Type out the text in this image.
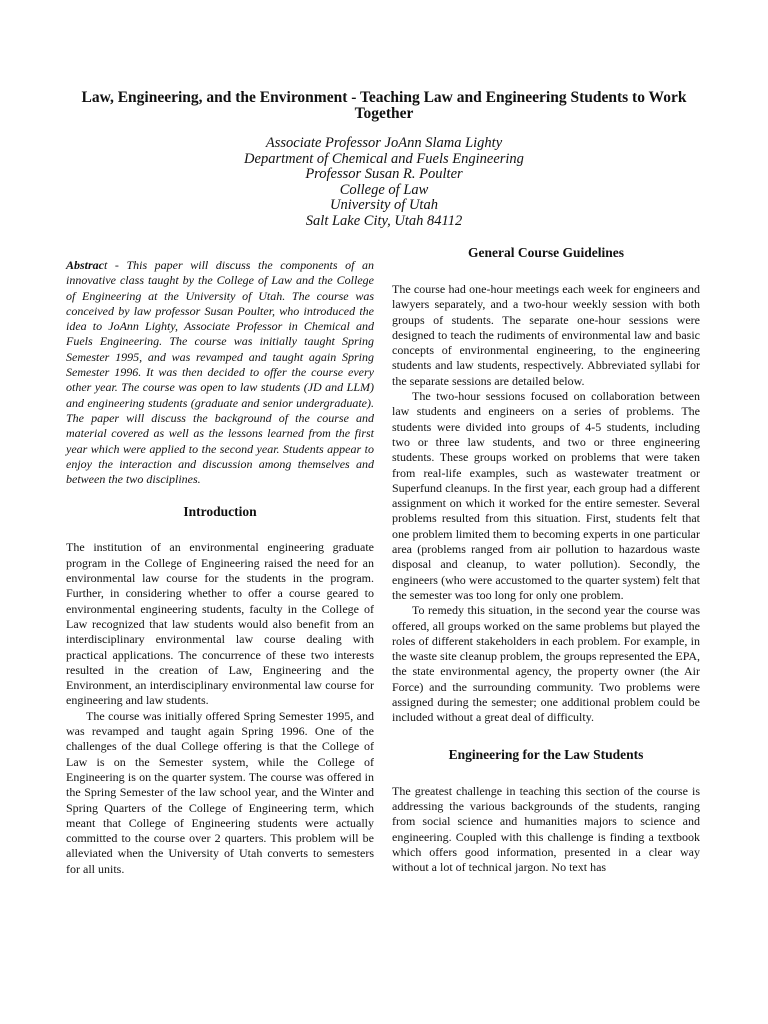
Law, Engineering, and the Environment - Teaching Law and Engineering Students to Work Together
Associate Professor JoAnn Slama Lighty
Department of Chemical and Fuels Engineering
Professor Susan R. Poulter
College of Law
University of Utah
Salt Lake City, Utah 84112

Abstract - This paper will discuss the components of an innovative class taught by the College of Law and the College of Engineering at the University of Utah. The course was conceived by law professor Susan Poulter, who introduced the idea to JoAnn Lighty, Associate Professor in Chemical and Fuels Engineering. The course was initially taught Spring Semester 1995, and was revamped and taught again Spring Semester 1996. It was then decided to offer the course every other year. The course was open to law students (JD and LLM) and engineering students (graduate and senior undergraduate). The paper will discuss the background of the course and material covered as well as the lessons learned from the first year which were applied to the second year. Students appear to enjoy the interaction and discussion among themselves and between the two disciplines.

Introduction

The institution of an environmental engineering graduate program in the College of Engineering raised the need for an environmental law course for the students in the program. Further, in considering whether to offer a course geared to environmental engineering students, faculty in the College of Law recognized that law students would also benefit from an interdisciplinary environmental law course dealing with practical applications. The concurrence of these two interests resulted in the creation of Law, Engineering and the Environment, an interdisciplinary environmental law course for engineering and law students.

The course was initially offered Spring Semester 1995, and was revamped and taught again Spring 1996. One of the challenges of the dual College offering is that the College of Law is on the Semester system, while the College of Engineering is on the quarter system. The course was offered in the Spring Semester of the law school year, and the Winter and Spring Quarters of the College of Engineering term, which meant that College of Engineering students were actually committed to the course over 2 quarters. This problem will be alleviated when the University of Utah converts to semesters for all units.

General Course Guidelines

The course had one-hour meetings each week for engineers and lawyers separately, and a two-hour weekly session with both groups of students. The separate one-hour sessions were designed to teach the rudiments of environmental law and basic concepts of environmental engineering, to the engineering students and law students, respectively. Abbreviated syllabi for the separate sessions are detailed below.

The two-hour sessions focused on collaboration between law students and engineers on a series of problems. The students were divided into groups of 4-5 students, including two or three law students, and two or three engineering students. These groups worked on problems that were taken from real-life examples, such as wastewater treatment or Superfund cleanups. In the first year, each group had a different assignment on which it worked for the entire semester. Several problems resulted from this situation. First, students felt that one problem limited them to becoming experts in one particular area (problems ranged from air pollution to hazardous waste disposal and cleanup, to water pollution). Secondly, the engineers (who were accustomed to the quarter system) felt that the semester was too long for only one problem.

To remedy this situation, in the second year the course was offered, all groups worked on the same problems but played the roles of different stakeholders in each problem. For example, in the waste site cleanup problem, the groups represented the EPA, the state environmental agency, the property owner (the Air Force) and the surrounding community. Two problems were assigned during the semester; one additional problem could be included without a great deal of difficulty.

Engineering for the Law Students

The greatest challenge in teaching this section of the course is addressing the various backgrounds of the students, ranging from social science and humanities majors to science and engineering. Coupled with this challenge is finding a textbook which offers good information, presented in a clear way without a lot of technical jargon. No text has
